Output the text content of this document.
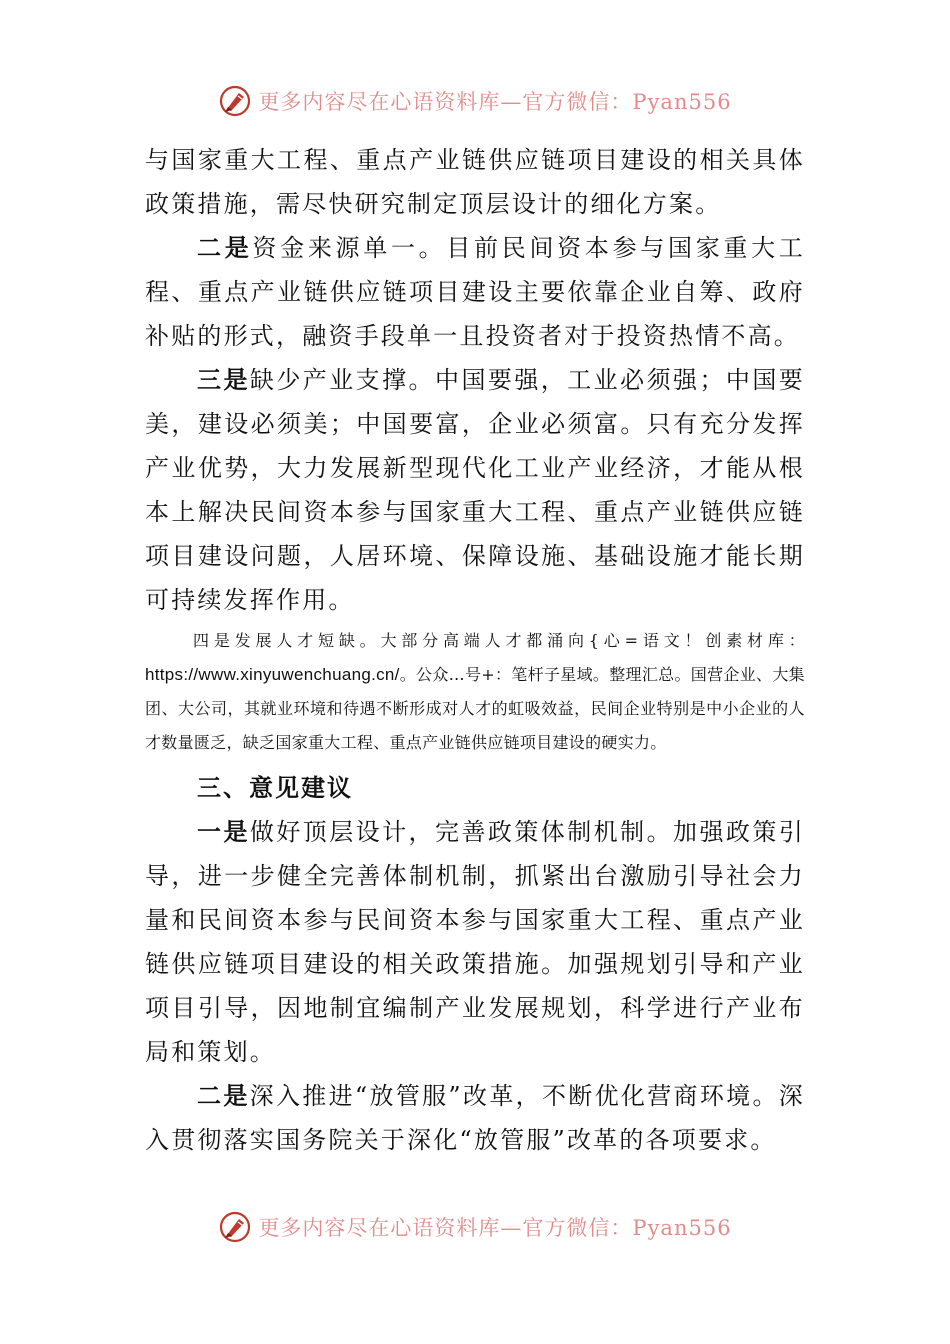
更多内容尽在心语资料库—官方微信：Pyan556

与国家重大工程、重点产业链供应链项目建设的相关具体政策措施，需尽快研究制定顶层设计的细化方案。

二是资金来源单一。目前民间资本参与国家重大工程、重点产业链供应链项目建设主要依靠企业自筹、政府补贴的形式，融资手段单一且投资者对于投资热情不高。

三是缺少产业支撑。中国要强，工业必须强；中国要美，建设必须美；中国要富，企业必须富。只有充分发挥产业优势，大力发展新型现代化工业产业经济，才能从根本上解决民间资本参与国家重大工程、重点产业链供应链项目建设问题，人居环境、保障设施、基础设施才能长期可持续发挥作用。

四是发展人才短缺。大部分高端人才都涌向{心=语文！创素材库：https://www.xinyuwenchuang.cn/。公众…号+：笔杆子星域。整理汇总。国营企业、大集团、大公司，其就业环境和待遇不断形成对人才的虹吸效益，民间企业特别是中小企业的人才数量匮乏，缺乏国家重大工程、重点产业链供应链项目建设的硬实力。

三、意见建议

一是做好顶层设计，完善政策体制机制。加强政策引导，进一步健全完善体制机制，抓紧出台激励引导社会力量和民间资本参与民间资本参与国家重大工程、重点产业链供应链项目建设的相关政策措施。加强规划引导和产业项目引导，因地制宜编制产业发展规划，科学进行产业布局和策划。

二是深入推进“放管服”改革，不断优化营商环境。深入贯彻落实国务院关于深化“放管服”改革的各项要求。

更多内容尽在心语资料库—官方微信：Pyan556
